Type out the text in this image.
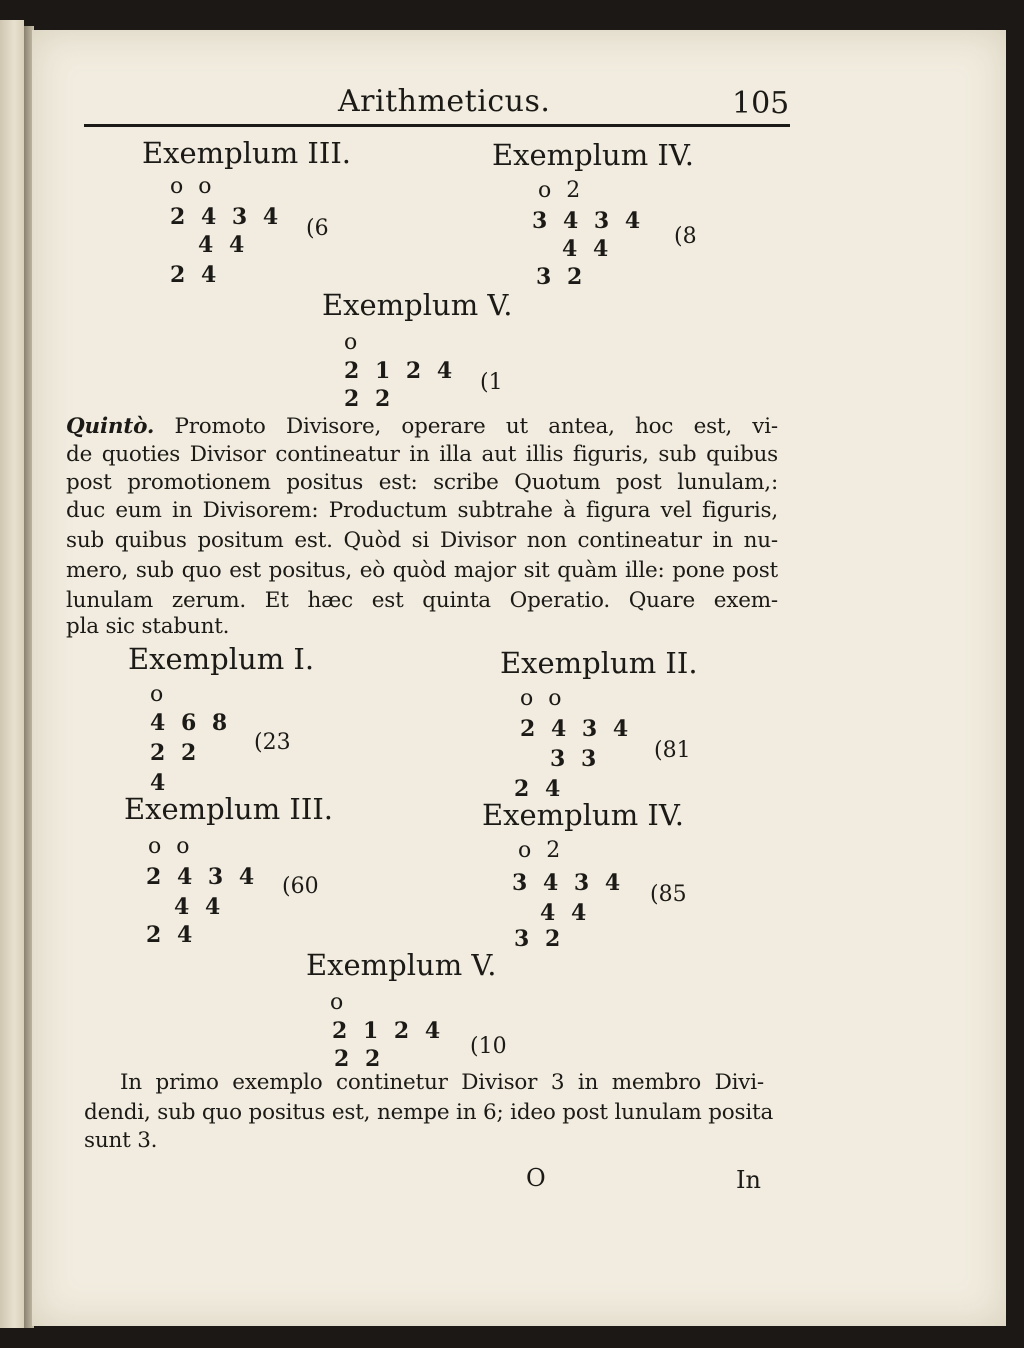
Arithmeticus.	105
Exemplum III.
o o
2 4 3 4
4 4
2 4
(6
Exemplum IV.
o 2
3 4 3 4
4 4
3 2
(8
Exemplum V.
o
2 1 2 4
2 2
(1
Quintò. Promoto Divisore, operare ut antea, hoc est, vi-
de quoties Divisor contineatur in illa aut illis figuris, sub quibus
post promotionem positus est: scribe Quotum post lunulam,:
duc eum in Divisorem: Productum subtrahe à figura vel figuris,
sub quibus positum est. Quòd si Divisor non contineatur in nu-
mero, sub quo est positus, eò quòd major sit quàm ille: pone post
lunulam zerum. Et hæc est quinta Operatio. Quare exem-
pla sic stabunt.
Exemplum I.
o
4 6 8
2 2
4
(23
Exemplum II.
o o
2 4 3 4
3 3
2 4
(81
Exemplum III.
o o
2 4 3 4
4 4
2 4
(60
Exemplum IV.
o 2
3 4 3 4
4 4
3 2
(85
Exemplum V.
o
2 1 2 4
2 2	(10
In primo exemplo continetur Divisor 3 in membro Divi-
dendi, sub quo positus est, nempe in 6; ideo post lunulam posita
sunt 3.
O	In
